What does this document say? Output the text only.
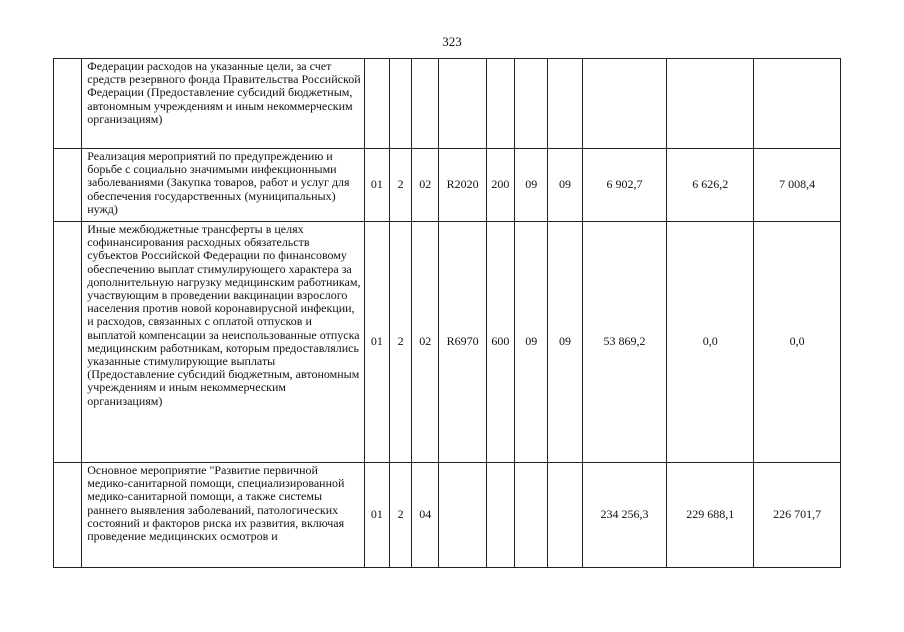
323
	Федерации расходов на указанные цели, за счет средств резервного фонда Правительства Российской Федерации (Предоставление субсидий бюджетным, автономным учреждениям и иным некоммерческим организациям)										
	Реализация мероприятий по предупреждению и борьбе с социально значимыми инфекционными заболеваниями (Закупка товаров, работ и услуг для обеспечения государственных (муниципальных) нужд)	01	2	02	R2020	200	09	09	6 902,7	6 626,2	7 008,4
	Иные межбюджетные трансферты в целях софинансирования расходных обязательств субъектов Российской Федерации по финансовому обеспечению выплат стимулирующего характера за дополнительную нагрузку медицинским работникам, участвующим в проведении вакцинации взрослого населения против новой коронавирусной инфекции, и расходов, связанных с оплатой отпусков и выплатой компенсации за неиспользованные отпуска медицинским работникам, которым предоставлялись указанные стимулирующие выплаты (Предоставление субсидий бюджетным, автономным учреждениям и иным некоммерческим организациям)	01	2	02	R6970	600	09	09	53 869,2	0,0	0,0
	Основное мероприятие "Развитие первичной медико-санитарной помощи, специализированной медико-санитарной помощи, а также системы раннего выявления заболеваний, патологических состояний и факторов риска их развития, включая проведение медицинских осмотров и	01	2	04					234 256,3	229 688,1	226 701,7
